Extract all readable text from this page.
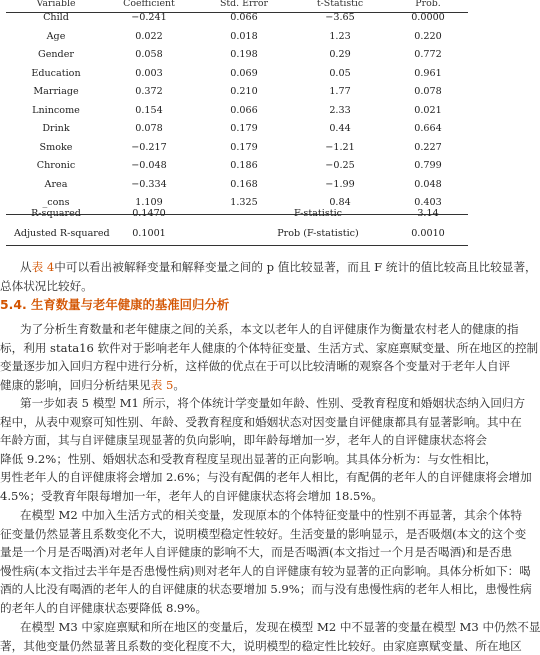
Variable	Coefficient	Std. Error	t-Statistic	Prob.
Child	−0.241	0.066	−3.65	0.0000
Age	0.022	0.018	1.23	0.220
Gender	0.058	0.198	0.29	0.772
Education	0.003	0.069	0.05	0.961
Marriage	0.372	0.210	1.77	0.078
Lnincome	0.154	0.066	2.33	0.021
Drink	0.078	0.179	0.44	0.664
Smoke	−0.217	0.179	−1.21	0.227
Chronic	−0.048	0.186	−0.25	0.799
Area	−0.334	0.168	−1.99	0.048
_cons	1.109	1.325	0.84	0.403
R-squared	0.1470	F-statistic	3.14
Adjusted R-squared	0.1001	Prob (F-statistic)	0.0010
从表 4中可以看出被解释变量和解释变量之间的 p 值比较显著，而且 F 统计的值比较高且比较显著，
总体状况比较好。
5.4. 生育数量与老年健康的基准回归分析
为了分析生育数量和老年健康之间的关系，本文以老年人的自评健康作为衡量农村老人的健康的指
标，利用 stata16 软件对于影响老年人健康的个体特征变量、生活方式、家庭禀赋变量、所在地区的控制
变量逐步加入回归方程中进行分析，这样做的优点在于可以比较清晰的观察各个变量对于老年人自评
健康的影响，回归分析结果见表 5。
第一步如表 5 模型 M1 所示，将个体统计学变量如年龄、性别、受教育程度和婚姻状态纳入回归方
程中，从表中观察可知性别、年龄、受教育程度和婚姻状态对因变量自评健康都具有显著影响。其中在
年龄方面，其与自评健康呈现显著的负向影响，即年龄每增加一岁，老年人的自评健康状态将会
降低 9.2%；性别、婚姻状态和受教育程度呈现出显著的正向影响。其具体分析为：与女性相比，
男性老年人的自评健康将会增加 2.6%；与没有配偶的老年人相比，有配偶的老年人的自评健康将会增加
4.5%；受教育年限每增加一年，老年人的自评健康状态将会增加 18.5%。
在模型 M2 中加入生活方式的相关变量，发现原本的个体特征变量中的性别不再显著，其余个体特
征变量仍然显著且系数变化不大，说明模型稳定性较好。生活变量的影响显示，是否吸烟(本文的这个变
量是一个月是否喝酒)对老年人自评健康的影响不大，而是否喝酒(本文指过一个月是否喝酒)和是否患
慢性病(本文指过去半年是否患慢性病)则对老年人的自评健康有较为显著的正向影响。具体分析如下：喝
酒的人比没有喝酒的老年人的自评健康的状态要增加 5.9%；而与没有患慢性病的老年人相比，患慢性病
的老年人的自评健康状态要降低 8.9%。
在模型 M3 中家庭禀赋和所在地区的变量后，发现在模型 M2 中不显著的变量在模型 M3 中仍然不显
著，其他变量仍然显著且系数的变化程度不大，说明模型的稳定性比较好。由家庭禀赋变量、所在地区
